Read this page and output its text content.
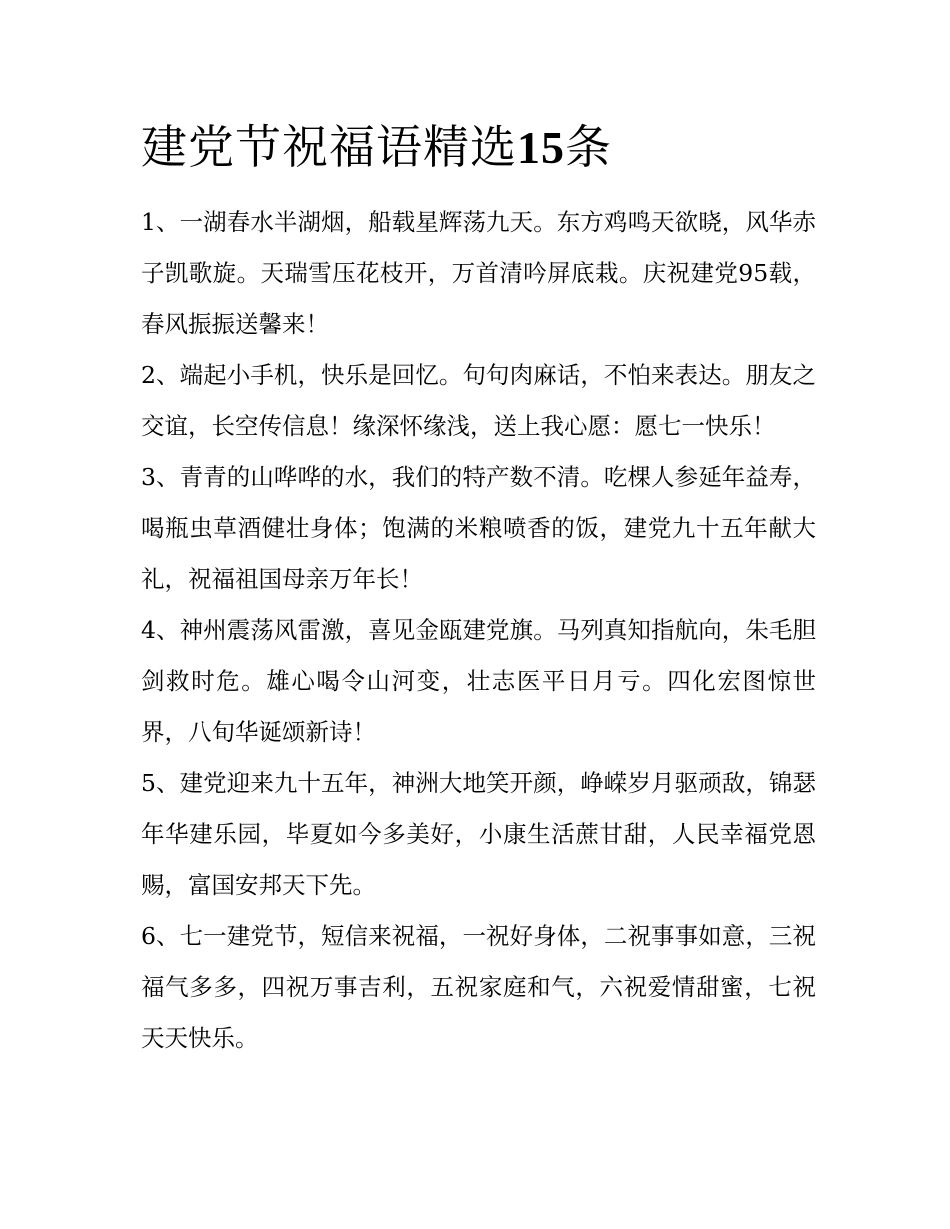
建党节祝福语精选15条

1、一湖春水半湖烟，船载星辉荡九天。东方鸡鸣天欲晓，风华赤子凯歌旋。天瑞雪压花枝开，万首清吟屏底栽。庆祝建党95载，春风振振送馨来！

2、端起小手机，快乐是回忆。句句肉麻话，不怕来表达。朋友之交谊，长空传信息！缘深怀缘浅，送上我心愿：愿七一快乐！

3、青青的山哗哗的水，我们的特产数不清。吃棵人参延年益寿，喝瓶虫草酒健壮身体；饱满的米粮喷香的饭，建党九十五年献大礼，祝福祖国母亲万年长！

4、神州震荡风雷激，喜见金瓯建党旗。马列真知指航向，朱毛胆剑救时危。雄心喝令山河变，壮志医平日月亏。四化宏图惊世界，八旬华诞颂新诗！

5、建党迎来九十五年，神洲大地笑开颜，峥嵘岁月驱顽敌，锦瑟年华建乐园，毕夏如今多美好，小康生活蔗甘甜，人民幸福党恩赐，富国安邦天下先。

6、七一建党节，短信来祝福，一祝好身体，二祝事事如意，三祝福气多多，四祝万事吉利，五祝家庭和气，六祝爱情甜蜜，七祝天天快乐。
